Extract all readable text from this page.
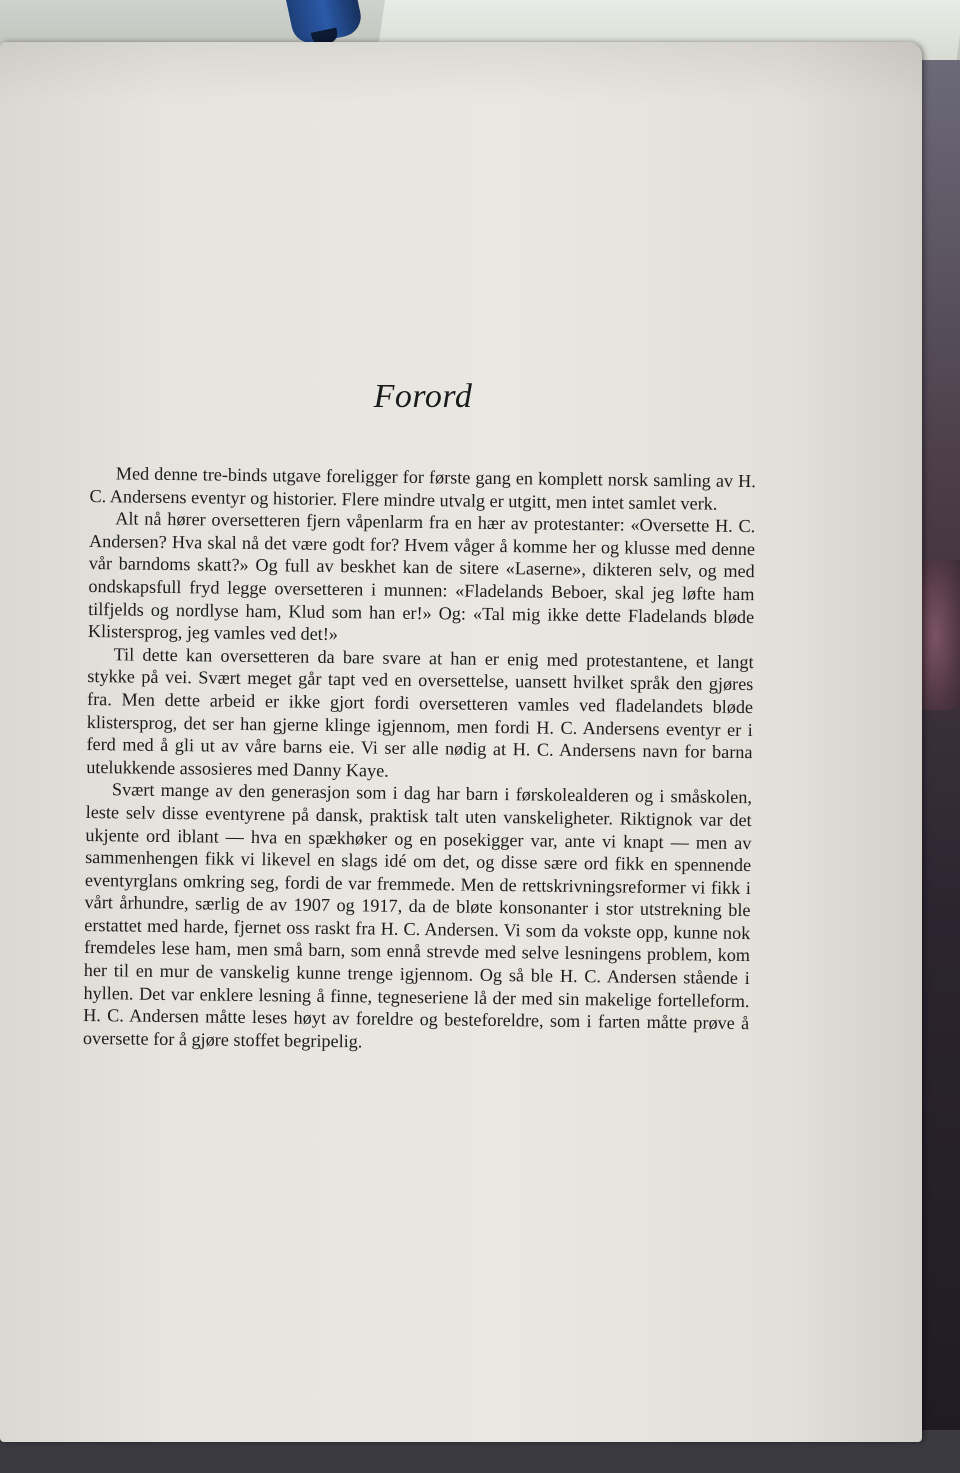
Forord

Med denne tre-binds utgave foreligger for første gang en komplett norsk samling av H. C. Andersens eventyr og historier. Flere mindre utvalg er utgitt, men intet samlet verk.

Alt nå hører oversetteren fjern våpenlarm fra en hær av protestanter: «Oversette H. C. Andersen? Hva skal nå det være godt for? Hvem våger å komme her og klusse med denne vår barndoms skatt?» Og full av beskhet kan de sitere «Laserne», dikteren selv, og med ondskapsfull fryd legge oversetteren i munnen: «Fladelands Beboer, skal jeg løfte ham tilfjelds og nordlyse ham, Klud som han er!» Og: «Tal mig ikke dette Fladelands bløde Klistersprog, jeg vamles ved det!»

Til dette kan oversetteren da bare svare at han er enig med protestantene, et langt stykke på vei. Svært meget går tapt ved en oversettelse, uansett hvilket språk den gjøres fra. Men dette arbeid er ikke gjort fordi oversetteren vamles ved fladelandets bløde klistersprog, det ser han gjerne klinge igjennom, men fordi H. C. Andersens eventyr er i ferd med å gli ut av våre barns eie. Vi ser alle nødig at H. C. Andersens navn for barna utelukkende assosieres med Danny Kaye.

Svært mange av den generasjon som i dag har barn i førskolealderen og i småskolen, leste selv disse eventyrene på dansk, praktisk talt uten vanskeligheter. Riktignok var det ukjente ord iblant — hva en spækhøker og en posekigger var, ante vi knapt — men av sammenhengen fikk vi likevel en slags idé om det, og disse sære ord fikk en spennende eventyrglans omkring seg, fordi de var fremmede. Men de rettskrivningsreformer vi fikk i vårt århundre, særlig de av 1907 og 1917, da de bløte konsonanter i stor utstrekning ble erstattet med harde, fjernet oss raskt fra H. C. Andersen. Vi som da vokste opp, kunne nok fremdeles lese ham, men små barn, som ennå strevde med selve lesningens problem, kom her til en mur de vanskelig kunne trenge igjennom. Og så ble H. C. Andersen stående i hyllen. Det var enklere lesning å finne, tegneseriene lå der med sin makelige fortelleform. H. C. Andersen måtte leses høyt av foreldre og besteforeldre, som i farten måtte prøve å oversette for å gjøre stoffet begripelig.
